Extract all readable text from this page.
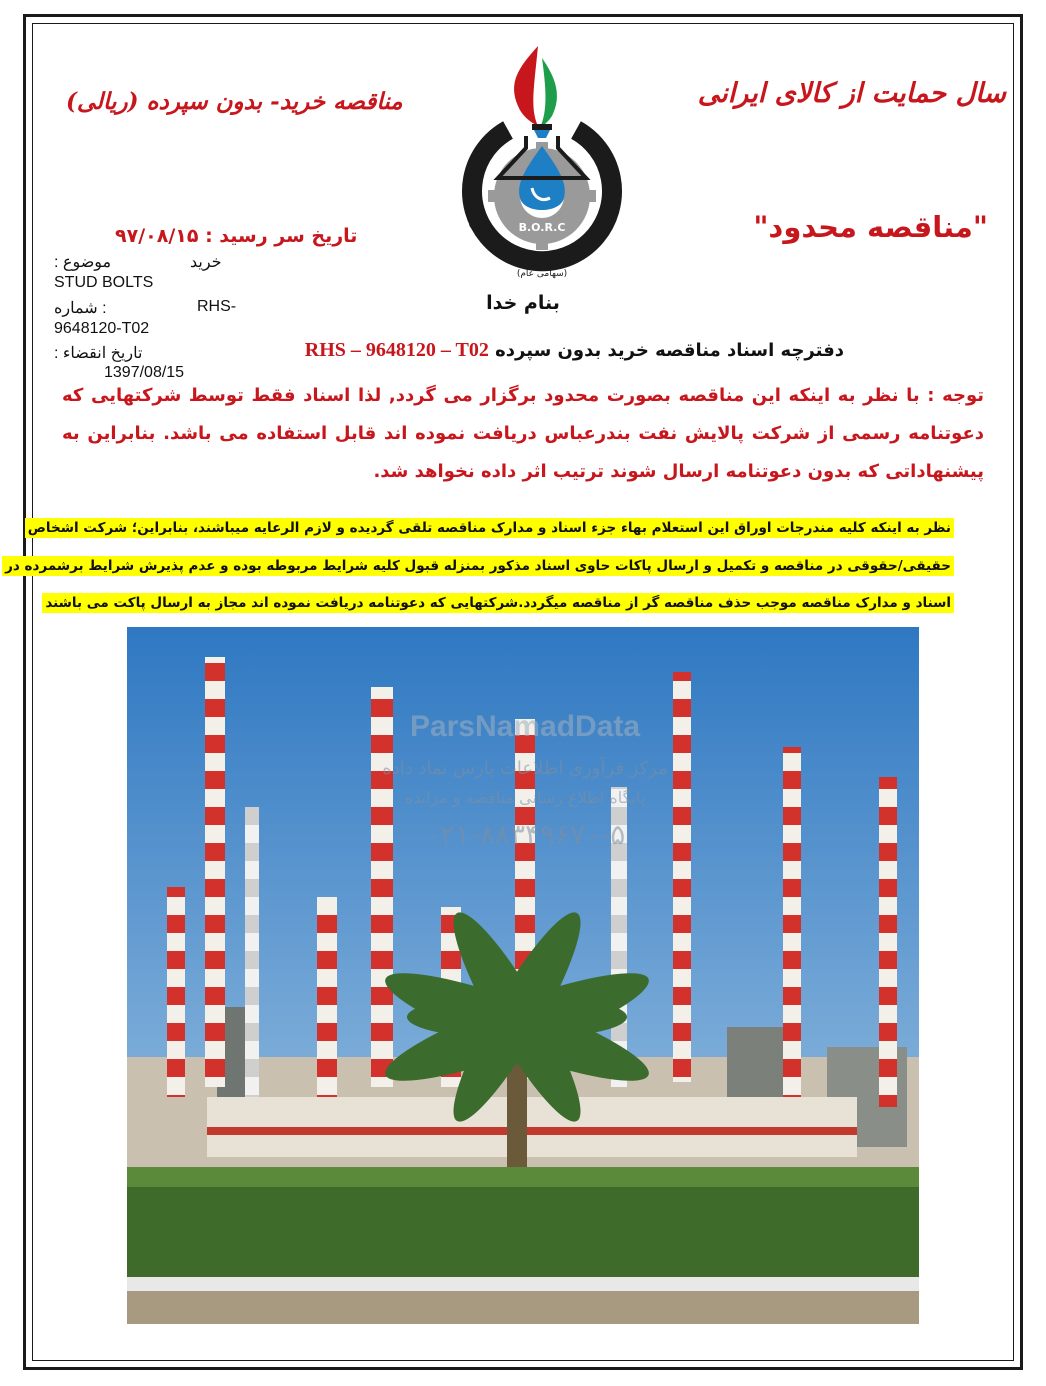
سال حمایت از کالای ایرانی
مناقصه خرید- بدون سپرده (ریالی)
"مناقصه محدود"
تاریخ سر رسید : ۹۷/۰۸/۱۵	شرکت پالایش نفت بندرعباس
B.O.R.C
(سهامی عام)
موضوع :	خرید
STUD BOLTS
: شماره	RHS-
9648120-T02
تاریخ انقضاء :
1397/08/15
بنام خدا
دفترچه اسناد مناقصه خرید بدون سپرده RHS – 9648120 – T02
توجه : با نظر به اینکه این مناقصه بصورت محدود برگزار می گردد, لذا اسناد فقط توسط شرکتهایی که دعوتنامه رسمی از شرکت پالایش نفت بندرعباس دریافت نموده اند قابل استفاده می باشد. بنابراین به پیشنهاداتی که بدون دعوتنامه ارسال شوند ترتیب اثر داده نخواهد شد.
نظر به اینکه کلیه مندرجات اوراق این استعلام بهاء جزء اسناد و مدارک مناقصه تلقی گردیده و لازم الرعایه میباشند، بنابراین؛ شرکت اشخاص
حقیقی/حقوقی در مناقصه و تکمیل و ارسال پاکات حاوی اسناد مذکور بمنزله قبول کلیه شرایط مربوطه بوده و عدم پذیرش شرایط برشمرده در
اسناد و مدارک مناقصه موجب حذف مناقصه گر از مناقصه میگردد.شرکتهایی که دعوتنامه دریافت نموده اند مجاز به ارسال پاکت می باشند
ParsNamadData
مرکز فرآوری اطلاعات پارس نماد داده
پایگاه اطلاع رسانی مناقصه و مزایده
۰۲۱-۸۸۳۴۹۶۷۰-۵
